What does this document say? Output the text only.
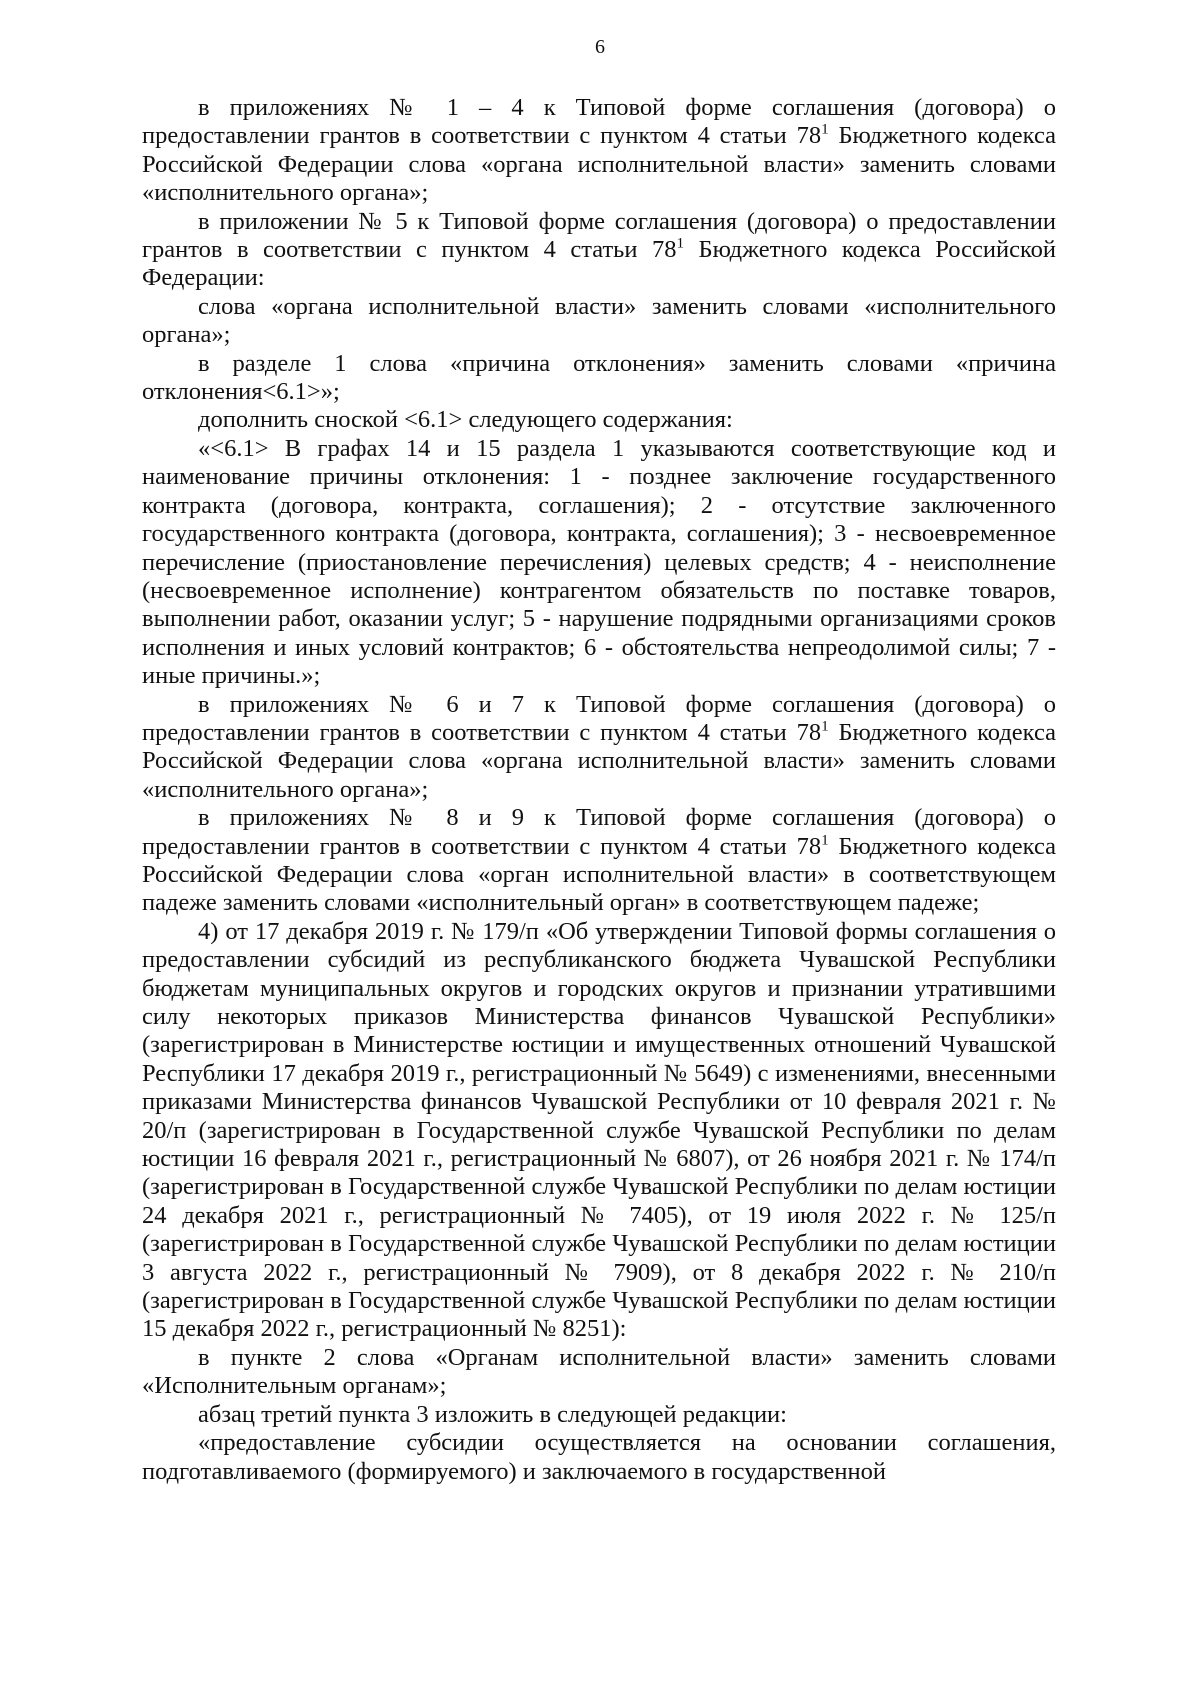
6

в приложениях № 1 – 4 к Типовой форме соглашения (договора) о предоставлении грантов в соответствии с пунктом 4 статьи $78^1$ Бюджетного кодекса Российской Федерации слова «органа исполнительной власти» заменить словами «исполнительного органа»;

в приложении № 5 к Типовой форме соглашения (договора) о предоставлении грантов в соответствии с пунктом 4 статьи $78^1$ Бюджетного кодекса Российской Федерации:

слова «органа исполнительной власти» заменить словами «исполнительного органа»;

в разделе 1 слова «причина отклонения» заменить словами «причина отклонения<6.1>»;

дополнить сноской <6.1> следующего содержания:

«<6.1> В графах 14 и 15 раздела 1 указываются соответствующие код и наименование причины отклонения: 1 - позднее заключение государственного контракта (договора, контракта, соглашения); 2 - отсутствие заключенного государственного контракта (договора, контракта, соглашения); 3 - несвоевременное перечисление (приостановление перечисления) целевых средств; 4 - неисполнение (несвоевременное исполнение) контрагентом обязательств по поставке товаров, выполнении работ, оказании услуг; 5 - нарушение подрядными организациями сроков исполнения и иных условий контрактов; 6 - обстоятельства непреодолимой силы; 7 - иные причины.»;

в приложениях № 6 и 7 к Типовой форме соглашения (договора) о предоставлении грантов в соответствии с пунктом 4 статьи $78^1$ Бюджетного кодекса Российской Федерации слова «органа исполнительной власти» заменить словами «исполнительного органа»;

в приложениях № 8 и 9 к Типовой форме соглашения (договора) о предоставлении грантов в соответствии с пунктом 4 статьи $78^1$ Бюджетного кодекса Российской Федерации слова «орган исполнительной власти» в соответствующем падеже заменить словами «исполнительный орган» в соответствующем падеже;

4) от 17 декабря 2019 г. № 179/п «Об утверждении Типовой формы соглашения о предоставлении субсидий из республиканского бюджета Чувашской Республики бюджетам муниципальных округов и городских округов и признании утратившими силу некоторых приказов Министерства финансов Чувашской Республики» (зарегистрирован в Министерстве юстиции и имущественных отношений Чувашской Республики 17 декабря 2019 г., регистрационный № 5649) с изменениями, внесенными приказами Министерства финансов Чувашской Республики от 10 февраля 2021 г. № 20/п (зарегистрирован в Государственной службе Чувашской Республики по делам юстиции 16 февраля 2021 г., регистрационный № 6807), от 26 ноября 2021 г. № 174/п (зарегистрирован в Государственной службе Чувашской Республики по делам юстиции 24 декабря 2021 г., регистрационный № 7405), от 19 июля 2022 г. № 125/п (зарегистрирован в Государственной службе Чувашской Республики по делам юстиции 3 августа 2022 г., регистрационный № 7909), от 8 декабря 2022 г. № 210/п (зарегистрирован в Государственной службе Чувашской Республики по делам юстиции 15 декабря 2022 г., регистрационный № 8251):

в пункте 2 слова «Органам исполнительной власти» заменить словами «Исполнительным органам»;

абзац третий пункта 3 изложить в следующей редакции:

«предоставление субсидии осуществляется на основании соглашения, подготавливаемого (формируемого) и заключаемого в государственной
